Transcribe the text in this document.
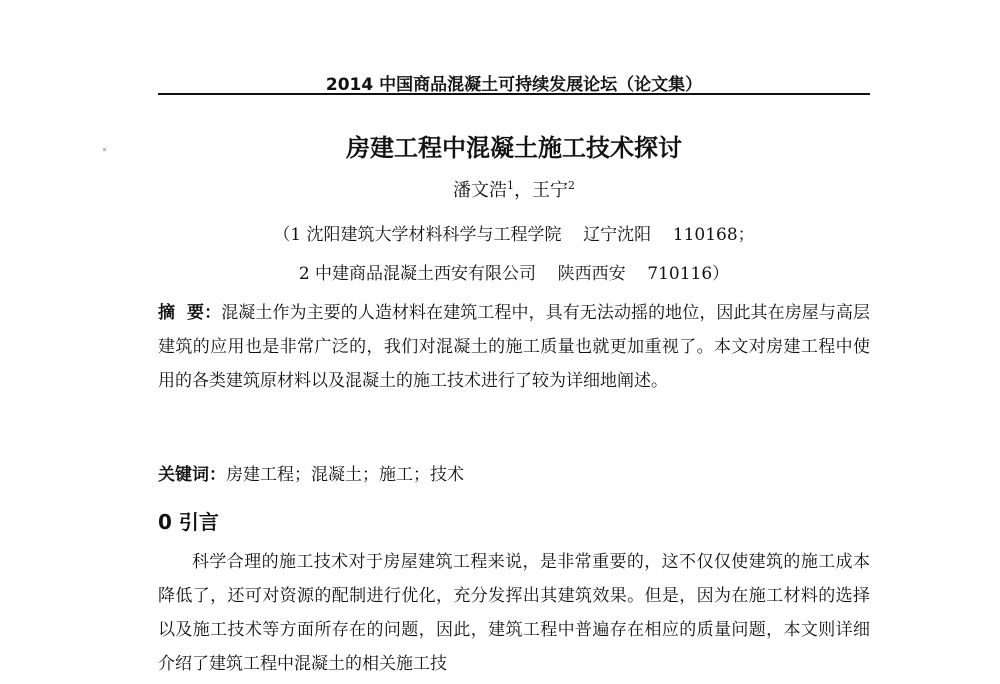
2014 中国商品混凝土可持续发展论坛（论文集）
房建工程中混凝土施工技术探讨
潘文浩$^1$，王宁$^2$
（1 沈阳建筑大学材料科学与工程学院    辽宁沈阳    110168；
2 中建商品混凝土西安有限公司    陕西西安    710116）
摘  要：混凝土作为主要的人造材料在建筑工程中，具有无法动摇的地位，因此其在房屋与高层建筑的应用也是非常广泛的，我们对混凝土的施工质量也就更加重视了。本文对房建工程中使用的各类建筑原材料以及混凝土的施工技术进行了较为详细地阐述。
关键词：房建工程；混凝土；施工；技术
0 引言
科学合理的施工技术对于房屋建筑工程来说，是非常重要的，这不仅仅使建筑的施工成本降低了，还可对资源的配制进行优化，充分发挥出其建筑效果。但是，因为在施工材料的选择以及施工技术等方面所存在的问题，因此，建筑工程中普遍存在相应的质量问题，本文则详细介绍了建筑工程中混凝土的相关施工技
